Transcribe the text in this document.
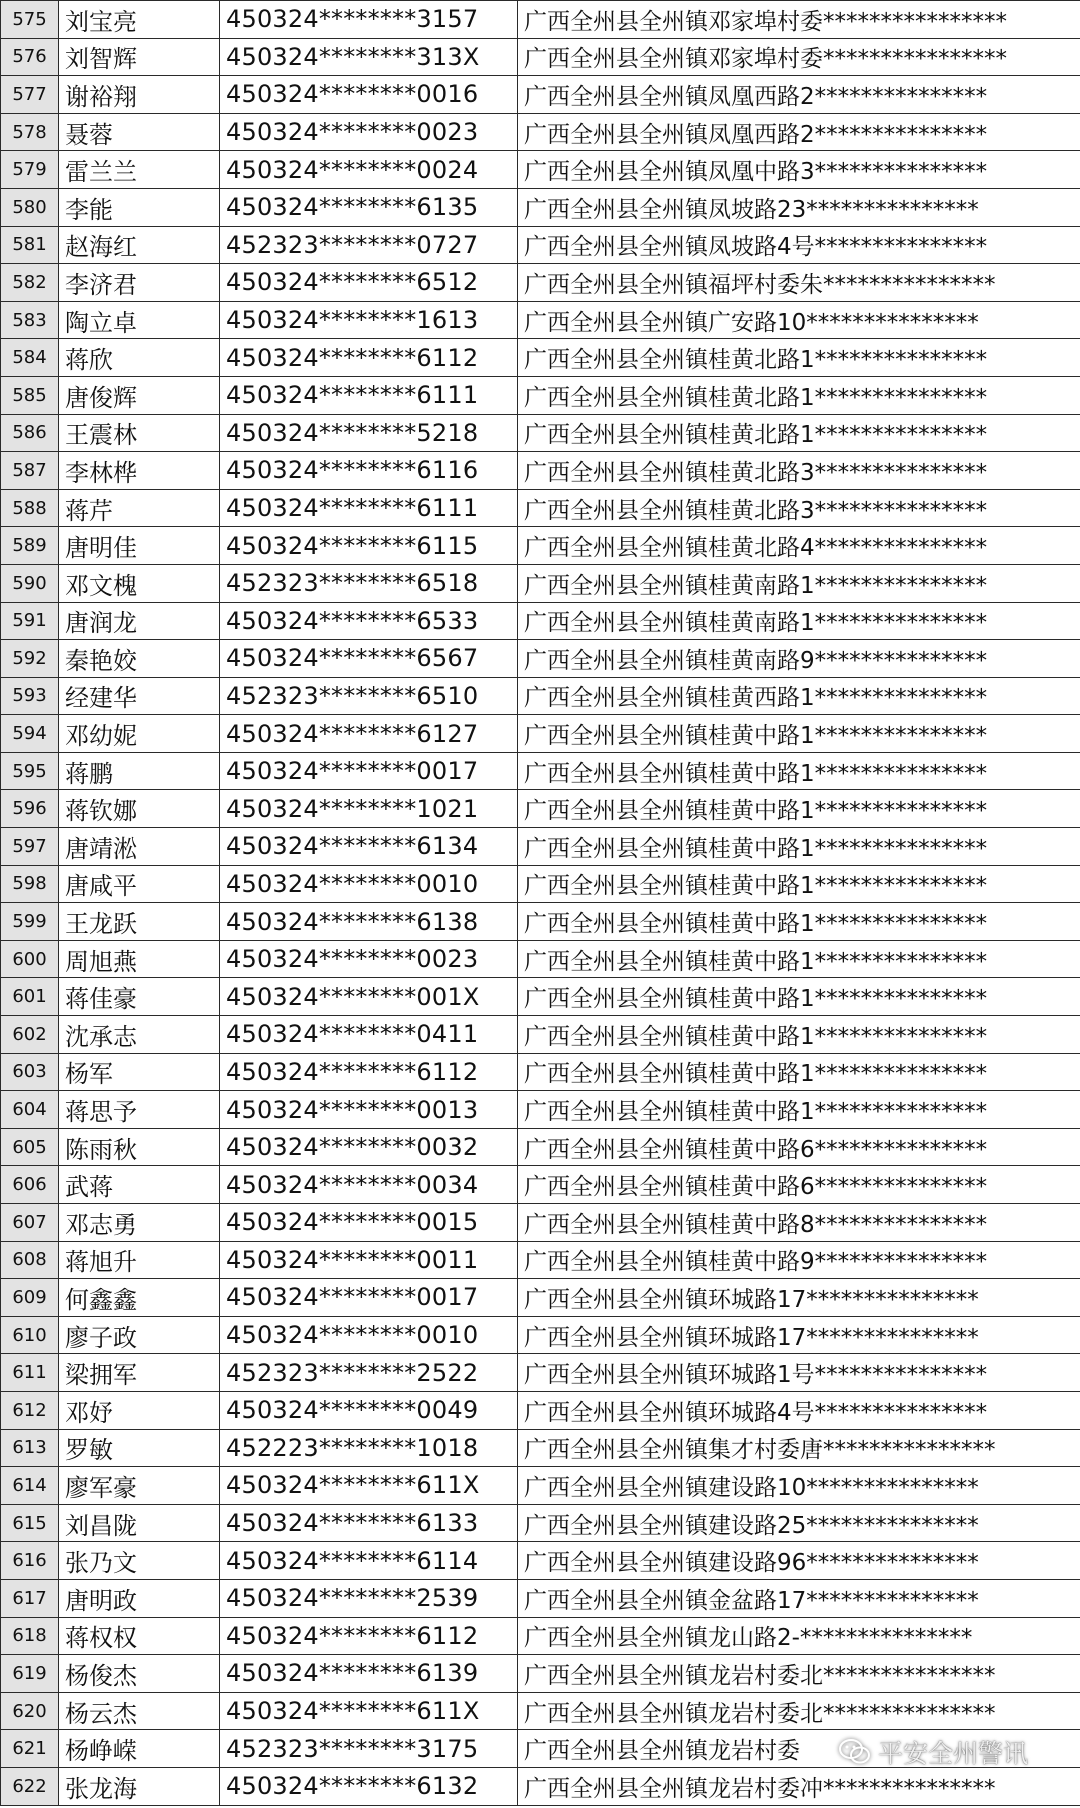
575	刘宝亮	450324********3157	广西全州县全州镇邓家埠村委****************
576	刘智辉	450324********313X	广西全州县全州镇邓家埠村委****************
577	谢裕翔	450324********0016	广西全州县全州镇凤凰西路2***************
578	聂蓉	450324********0023	广西全州县全州镇凤凰西路2***************
579	雷兰兰	450324********0024	广西全州县全州镇凤凰中路3***************
580	李能	450324********6135	广西全州县全州镇凤坡路23***************
581	赵海红	452323********0727	广西全州县全州镇凤坡路4号***************
582	李济君	450324********6512	广西全州县全州镇福坪村委朱***************
583	陶立卓	450324********1613	广西全州县全州镇广安路10***************
584	蒋欣	450324********6112	广西全州县全州镇桂黄北路1***************
585	唐俊辉	450324********6111	广西全州县全州镇桂黄北路1***************
586	王震林	450324********5218	广西全州县全州镇桂黄北路1***************
587	李林桦	450324********6116	广西全州县全州镇桂黄北路3***************
588	蒋芹	450324********6111	广西全州县全州镇桂黄北路3***************
589	唐明佳	450324********6115	广西全州县全州镇桂黄北路4***************
590	邓文槐	452323********6518	广西全州县全州镇桂黄南路1***************
591	唐润龙	450324********6533	广西全州县全州镇桂黄南路1***************
592	秦艳姣	450324********6567	广西全州县全州镇桂黄南路9***************
593	经建华	452323********6510	广西全州县全州镇桂黄西路1***************
594	邓幼妮	450324********6127	广西全州县全州镇桂黄中路1***************
595	蒋鹏	450324********0017	广西全州县全州镇桂黄中路1***************
596	蒋钦娜	450324********1021	广西全州县全州镇桂黄中路1***************
597	唐靖淞	450324********6134	广西全州县全州镇桂黄中路1***************
598	唐咸平	450324********0010	广西全州县全州镇桂黄中路1***************
599	王龙跃	450324********6138	广西全州县全州镇桂黄中路1***************
600	周旭燕	450324********0023	广西全州县全州镇桂黄中路1***************
601	蒋佳豪	450324********001X	广西全州县全州镇桂黄中路1***************
602	沈承志	450324********0411	广西全州县全州镇桂黄中路1***************
603	杨军	450324********6112	广西全州县全州镇桂黄中路1***************
604	蒋思予	450324********0013	广西全州县全州镇桂黄中路1***************
605	陈雨秋	450324********0032	广西全州县全州镇桂黄中路6***************
606	武蒋	450324********0034	广西全州县全州镇桂黄中路6***************
607	邓志勇	450324********0015	广西全州县全州镇桂黄中路8***************
608	蒋旭升	450324********0011	广西全州县全州镇桂黄中路9***************
609	何鑫鑫	450324********0017	广西全州县全州镇环城路17***************
610	廖子政	450324********0010	广西全州县全州镇环城路17***************
611	梁拥军	452323********2522	广西全州县全州镇环城路1号***************
612	邓妤	450324********0049	广西全州县全州镇环城路4号***************
613	罗敏	452223********1018	广西全州县全州镇集才村委唐***************
614	廖军豪	450324********611X	广西全州县全州镇建设路10***************
615	刘昌陇	450324********6133	广西全州县全州镇建设路25***************
616	张乃文	450324********6114	广西全州县全州镇建设路96***************
617	唐明政	450324********2539	广西全州县全州镇金盆路17***************
618	蒋权权	450324********6112	广西全州县全州镇龙山路2-***************
619	杨俊杰	450324********6139	广西全州县全州镇龙岩村委北***************
620	杨云杰	450324********611X	广西全州县全州镇龙岩村委北***************
621	杨峥嵘	452323********3175	广西全州县全州镇龙岩村委
622	张龙海	450324********6132	广西全州县全州镇龙岩村委冲***************
平安全州警讯
